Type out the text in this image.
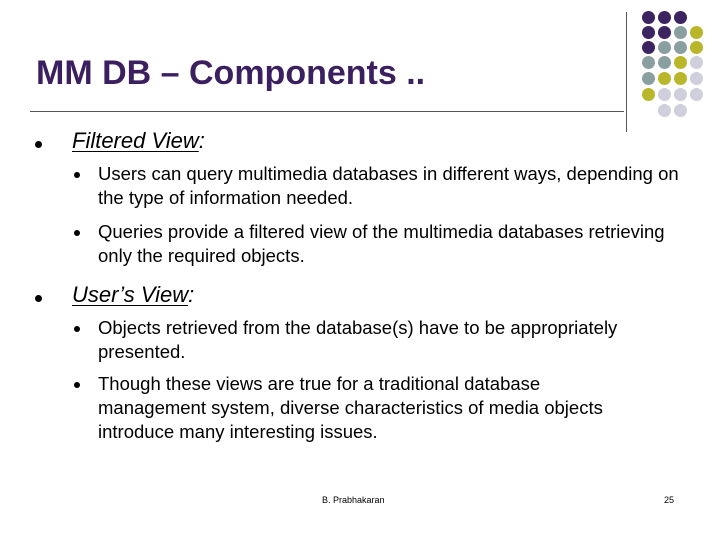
MM DB – Components ..
Filtered View:
Users can query multimedia databases in different ways, depending on the type of information needed.
Queries provide a filtered view of the multimedia databases retrieving only the required objects.
User’s View:
Objects retrieved from the database(s) have to be appropriately presented.
Though these views are true for a traditional database management system, diverse characteristics of media objects introduce many interesting issues.
B. Prabhakaran	25
